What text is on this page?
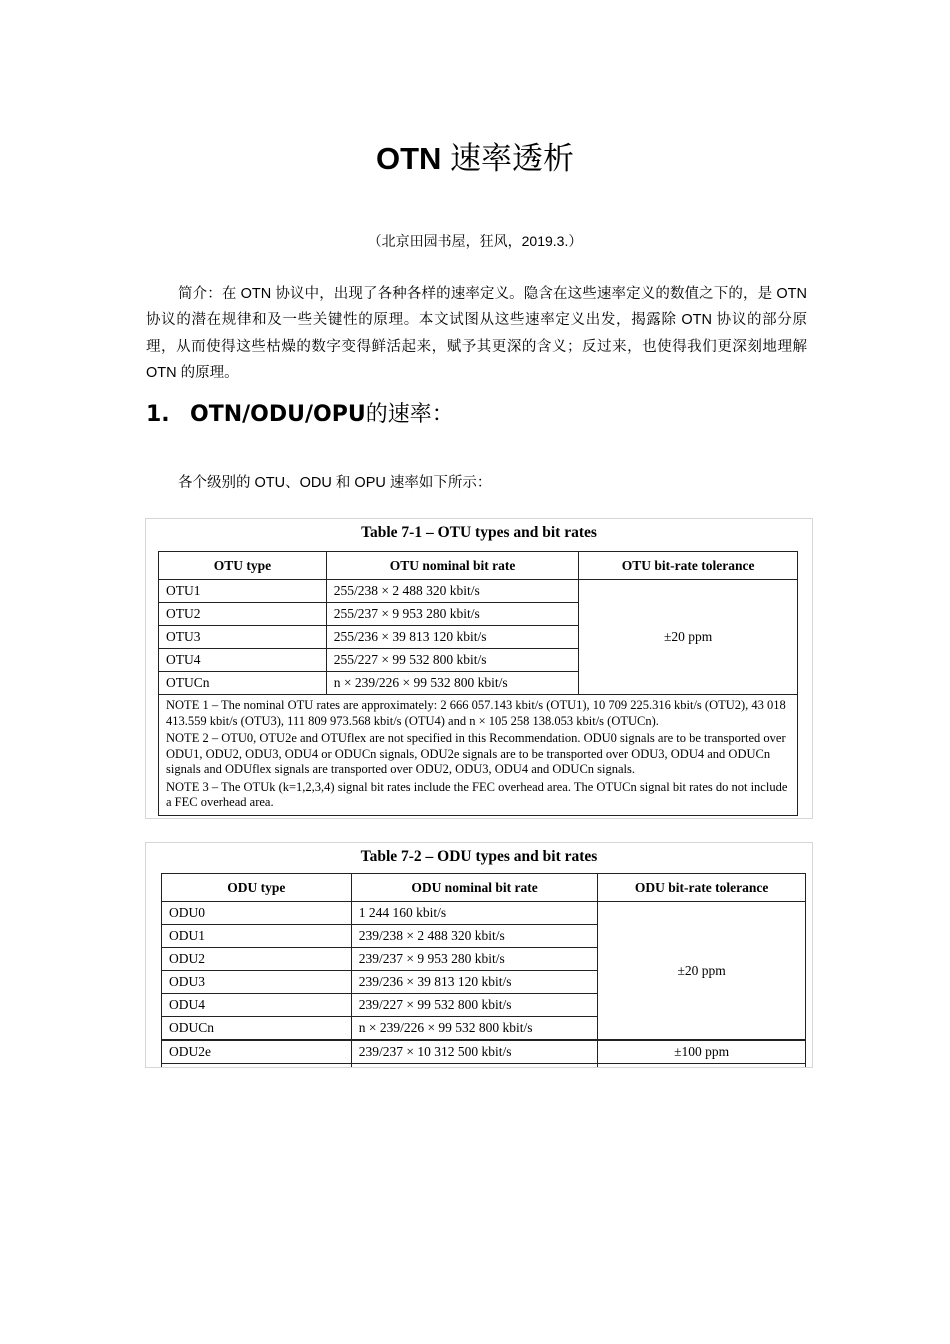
OTN 速率透析
（北京田园书屋，狂风，2019.3.）
简介：在 OTN 协议中，出现了各种各样的速率定义。隐含在这些速率定义的数值之下的，是 OTN 协议的潜在规律和及一些关键性的原理。本文试图从这些速率定义出发，揭露除 OTN 协议的部分原理，从而使得这些枯燥的数字变得鲜活起来，赋予其更深的含义；反过来，也使得我们更深刻地理解 OTN 的原理。
1. OTN/ODU/OPU的速率：
各个级别的 OTU、ODU 和 OPU 速率如下所示：
Table 7-1 – OTU types and bit rates
OTU type	OTU nominal bit rate	OTU bit-rate tolerance
OTU1	255/238 × 2 488 320 kbit/s	±20 ppm
OTU2	255/237 × 9 953 280 kbit/s	
OTU3	255/236 × 39 813 120 kbit/s	
OTU4	255/227 × 99 532 800 kbit/s	
OTUCn	n × 239/226 × 99 532 800 kbit/s	

NOTE 1 – The nominal OTU rates are approximately: 2 666 057.143 kbit/s (OTU1), 10 709 225.316 kbit/s (OTU2), 43 018 413.559 kbit/s (OTU3), 111 809 973.568 kbit/s (OTU4) and n × 105 258 138.053 kbit/s (OTUCn).

NOTE 2 – OTU0, OTU2e and OTUflex are not specified in this Recommendation. ODU0 signals are to be transported over ODU1, ODU2, ODU3, ODU4 or ODUCn signals, ODU2e signals are to be transported over ODU3, ODU4 and ODUCn signals and ODUflex signals are transported over ODU2, ODU3, ODU4 and ODUCn signals.

NOTE 3 – The OTUk (k=1,2,3,4) signal bit rates include the FEC overhead area. The OTUCn signal bit rates do not include a FEC overhead area.		

Table 7-2 – ODU types and bit rates
ODU type	ODU nominal bit rate	ODU bit-rate tolerance
ODU0	1 244 160 kbit/s	±20 ppm
ODU1	239/238 × 2 488 320 kbit/s	
ODU2	239/237 × 9 953 280 kbit/s	
ODU3	239/236 × 39 813 120 kbit/s	
ODU4	239/227 × 99 532 800 kbit/s	
ODUCn	n × 239/226 × 99 532 800 kbit/s	
ODU2e	239/237 × 10 312 500 kbit/s	±100 ppm
